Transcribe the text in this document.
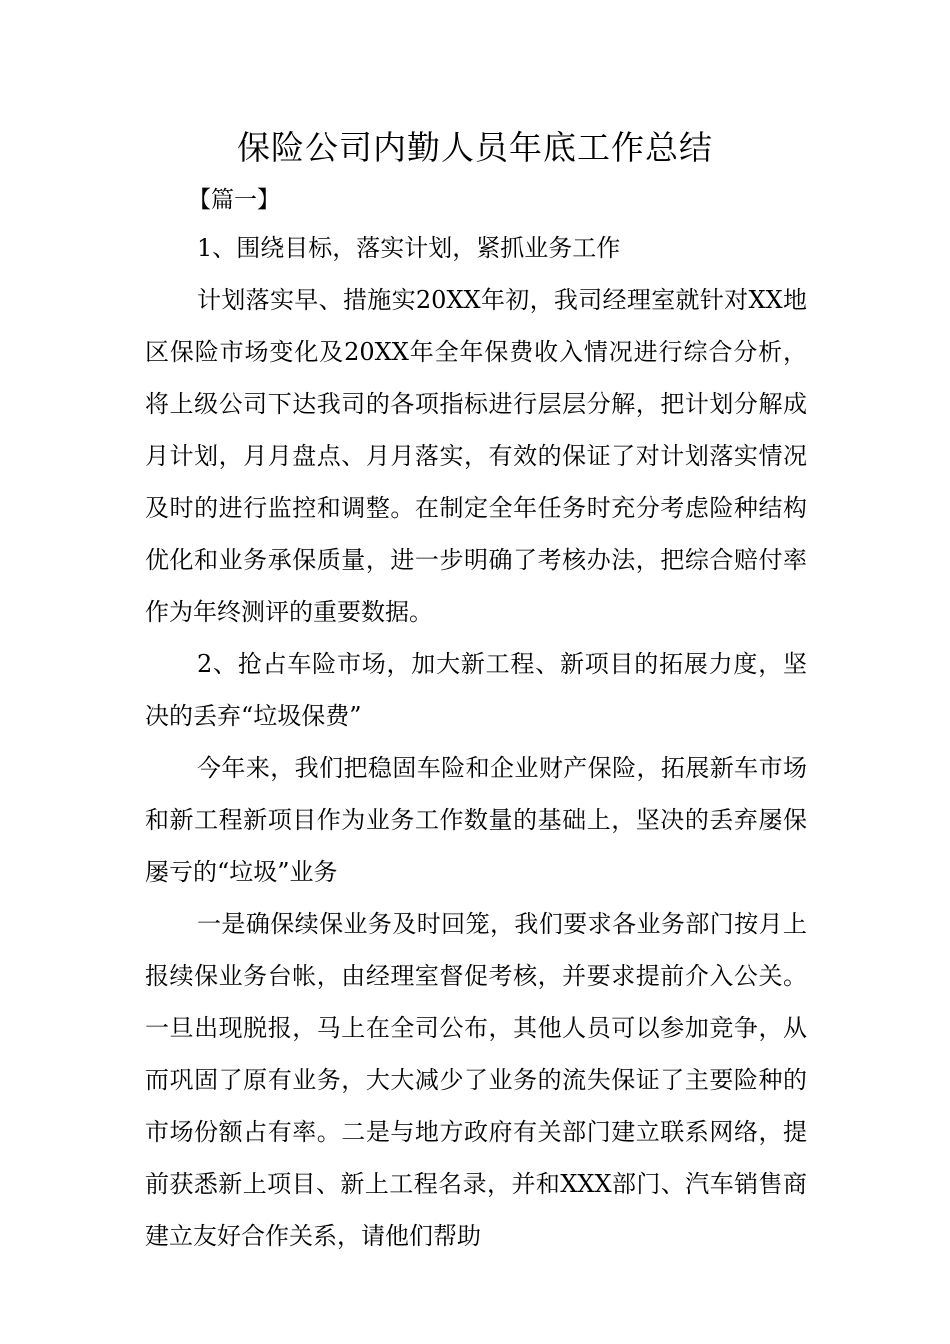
保险公司内勤人员年底工作总结

【篇一】

1、围绕目标，落实计划，紧抓业务工作

计划落实早、措施实20XX年初，我司经理室就针对XX地区保险市场变化及20XX年全年保费收入情况进行综合分析，将上级公司下达我司的各项指标进行层层分解，把计划分解成月计划，月月盘点、月月落实，有效的保证了对计划落实情况及时的进行监控和调整。在制定全年任务时充分考虑险种结构优化和业务承保质量，进一步明确了考核办法，把综合赔付率作为年终测评的重要数据。

2、抢占车险市场，加大新工程、新项目的拓展力度，坚决的丢弃“垃圾保费”

今年来，我们把稳固车险和企业财产保险，拓展新车市场和新工程新项目作为业务工作数量的基础上，坚决的丢弃屡保屡亏的“垃圾”业务

一是确保续保业务及时回笼，我们要求各业务部门按月上报续保业务台帐，由经理室督促考核，并要求提前介入公关。一旦出现脱报，马上在全司公布，其他人员可以参加竞争，从而巩固了原有业务，大大减少了业务的流失保证了主要险种的市场份额占有率。二是与地方政府有关部门建立联系网络，提前获悉新上项目、新上工程名录，并和XXX部门、汽车销售商建立友好合作关系，请他们帮助
